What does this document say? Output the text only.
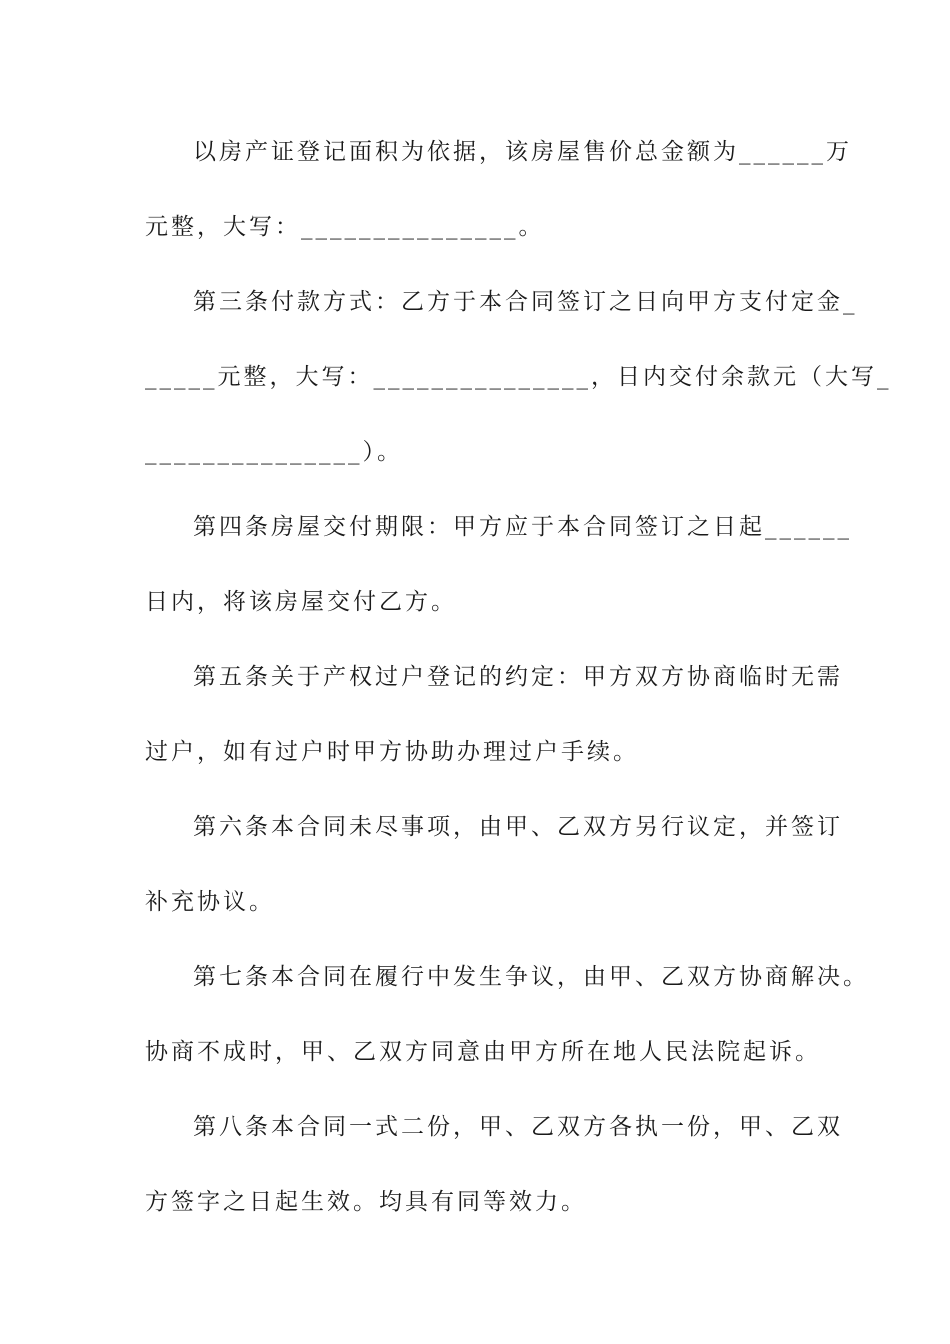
以房产证登记面积为依据，该房屋售价总金额为______万
元整，大写：_______________。
第三条付款方式：乙方于本合同签订之日向甲方支付定金_
_____元整，大写：_______________，日内交付余款元（大写_
_______________）。
第四条房屋交付期限：甲方应于本合同签订之日起______
日内，将该房屋交付乙方。
第五条关于产权过户登记的约定：甲方双方协商临时无需
过户，如有过户时甲方协助办理过户手续。
第六条本合同未尽事项，由甲、乙双方另行议定，并签订
补充协议。
第七条本合同在履行中发生争议，由甲、乙双方协商解决。
协商不成时，甲、乙双方同意由甲方所在地人民法院起诉。
第八条本合同一式二份，甲、乙双方各执一份，甲、乙双
方签字之日起生效。均具有同等效力。
